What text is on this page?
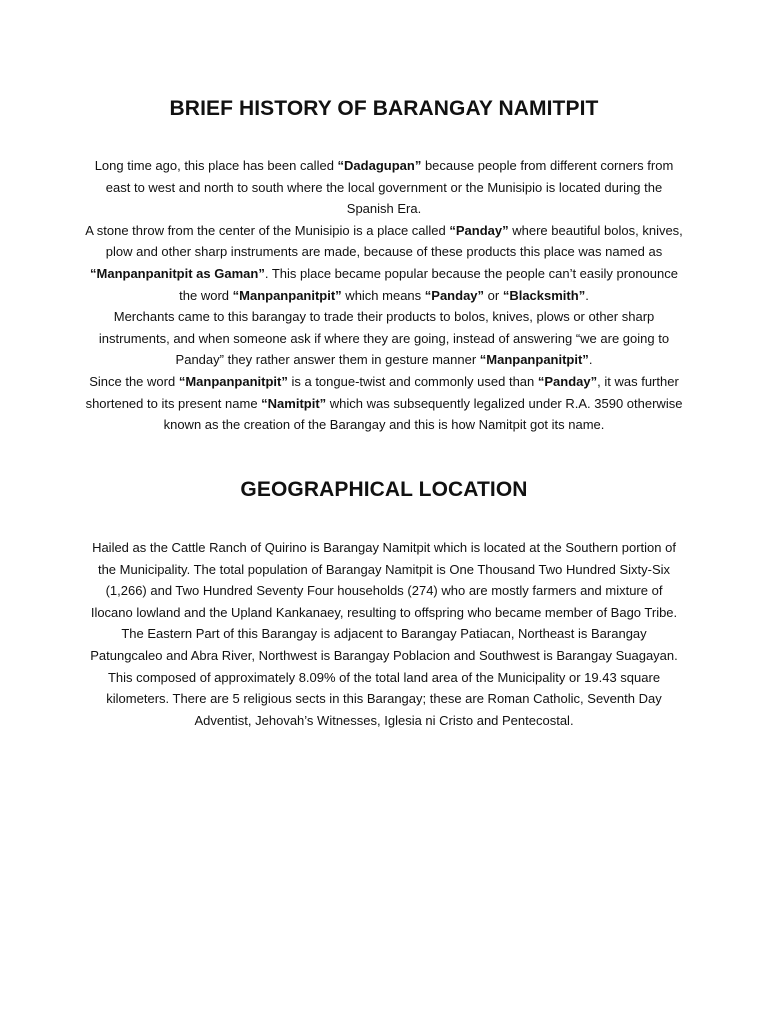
BRIEF HISTORY OF BARANGAY NAMITPIT

Long time ago, this place has been called “Dadagupan” because people from different corners from east to west and north to south where the local government or the Munisipio is located during the Spanish Era.

A stone throw from the center of the Munisipio is a place called “Panday” where beautiful bolos, knives, plow and other sharp instruments are made, because of these products this place was named as “Manpanpanitpit as Gaman”. This place became popular because the people can’t easily pronounce the word “Manpanpanitpit” which means “Panday” or “Blacksmith”.

Merchants came to this barangay to trade their products to bolos, knives, plows or other sharp instruments, and when someone ask if where they are going, instead of answering “we are going to Panday” they rather answer them in gesture manner “Manpanpanitpit”.

Since the word “Manpanpanitpit” is a tongue-twist and commonly used than “Panday”, it was further shortened to its present name “Namitpit” which was subsequently legalized under R.A. 3590 otherwise known as the creation of the Barangay and this is how Namitpit got its name.

GEOGRAPHICAL LOCATION

Hailed as the Cattle Ranch of Quirino is Barangay Namitpit which is located at the Southern portion of the Municipality. The total population of Barangay Namitpit is One Thousand Two Hundred Sixty-Six (1,266) and Two Hundred Seventy Four households (274) who are mostly farmers and mixture of Ilocano lowland and the Upland Kankanaey, resulting to offspring who became member of Bago Tribe. The Eastern Part of this Barangay is adjacent to Barangay Patiacan, Northeast is Barangay Patungcaleo and Abra River, Northwest is Barangay Poblacion and Southwest is Barangay Suagayan. This composed of approximately 8.09% of the total land area of the Municipality or 19.43 square kilometers. There are 5 religious sects in this Barangay; these are Roman Catholic, Seventh Day Adventist, Jehovah’s Witnesses, Iglesia ni Cristo and Pentecostal.
